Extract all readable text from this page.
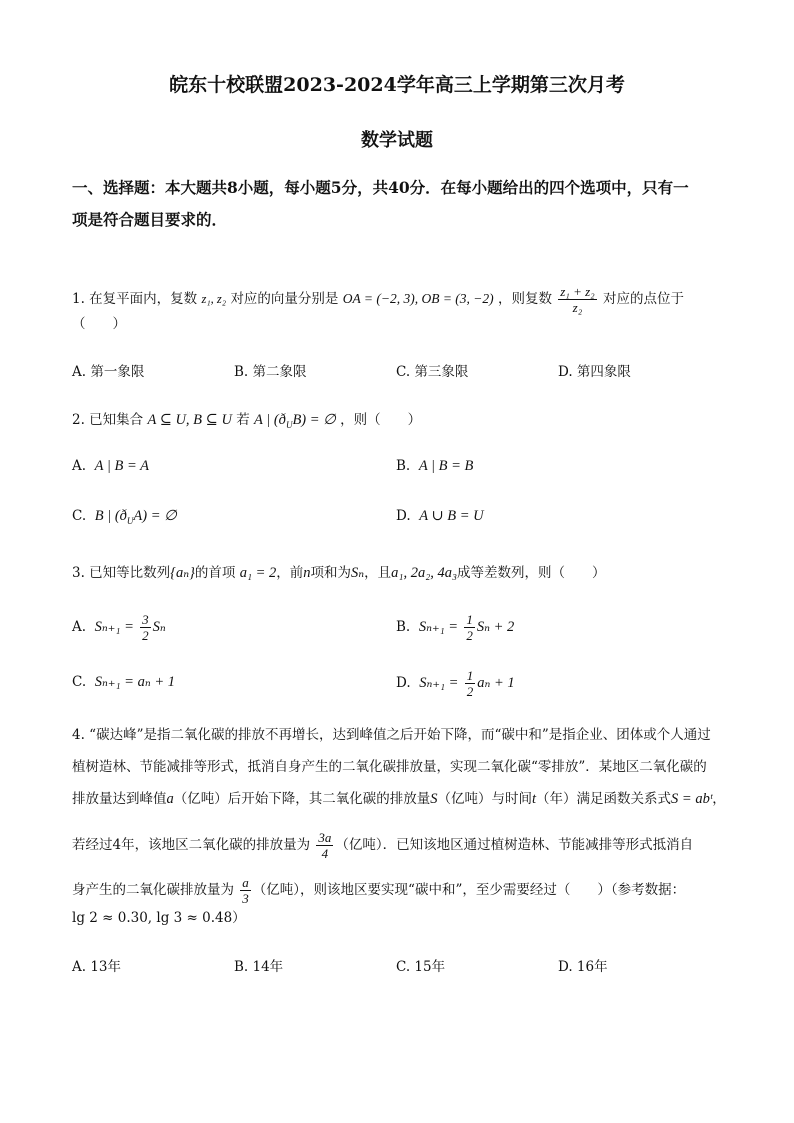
皖东十校联盟2023-2024学年高三上学期第三次月考
数学试题
一、选择题：本大题共8小题，每小题5分，共40分．在每小题给出的四个选项中，只有一
项是符合题目要求的．
1. 在复平面内，复数 z₁, z₂ 对应的向量分别是 OA = (−2, 3), OB = (3, −2) ，则复数 $\frac{\text{z₁ + z₂}}{\text{z₂}}$ 对应的点位于
（　　）
A. 第一象限	B. 第二象限	C. 第三象限	D. 第四象限
2. 已知集合 A ⊆ U, B ⊆ U 若 A | $(ð_UB)$ = ∅ ，则（　　）
A. A | B = A	B. A | B = B
C. B | $(ð_UA)$ = ∅	D. A ∪ B = U
3. 已知等比数列{aₙ}的首项 a₁ = 2，前n项和为Sₙ，且a₁, 2a₂, 4a₃成等差数列，则（　　）
A. $S_{n+1} = \frac{3}{2}$ Sₙ	B. $S_{n+1} = \frac{1}{2}$ Sₙ + 2
C. Sₙ₊₁ = aₙ + 1	D. $S_{n+1} = \frac{1}{2}$ aₙ + 1
4. “碳达峰”是指二氧化碳的排放不再增长，达到峰值之后开始下降，而“碳中和”是指企业、团体或个人通过
植树造林、节能减排等形式，抵消自身产生的二氧化碳排放量，实现二氧化碳“零排放”．某地区二氧化碳的
排放量达到峰值a（亿吨）后开始下降，其二氧化碳的排放量S（亿吨）与时间t（年）满足函数关系式S = abᵗ，
若经过4年，该地区二氧化碳的排放量为 $\frac{3a}{4}$ （亿吨）．已知该地区通过植树造林、节能减排等形式抵消自
身产生的二氧化碳排放量为 $\frac{a}{3}$ （亿吨），则该地区要实现“碳中和”，至少需要经过（　　）（参考数据：
lg 2 ≈ 0.30, lg 3 ≈ 0.48）
A. 13年	B. 14年	C. 15年	D. 16年
